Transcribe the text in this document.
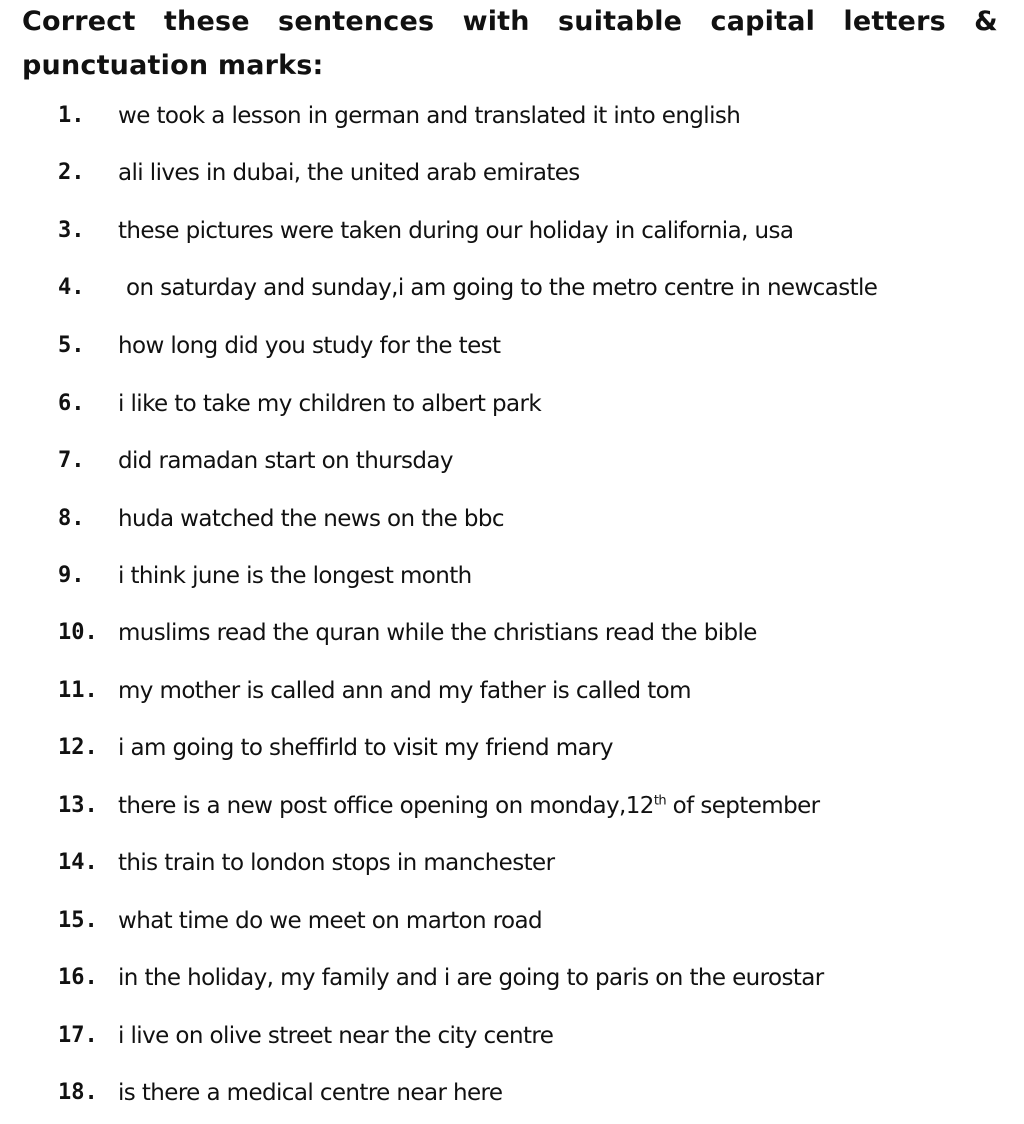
Correct these sentences with suitable capital letters &
punctuation marks:
1. we took a lesson in german and translated it into english
2. ali lives in dubai, the united arab emirates
3. these pictures were taken during our holiday in california, usa
4. on saturday and sunday,i am going to the metro centre in newcastle
5. how long did you study for the test
6. i like to take my children to albert park
7. did ramadan start on thursday
8. huda watched the news on the bbc
9. i think june is the longest month
10. muslims read the quran while the christians read the bible
11. my mother is called ann and my father is called tom
12. i am going to sheffirld to visit my friend mary
13. there is a new post office opening on monday,12th of september
14. this train to london stops in manchester
15. what time do we meet on marton road
16. in the holiday, my family and i are going to paris on the eurostar
17. i live on olive street near the city centre
18. is there a medical centre near here
